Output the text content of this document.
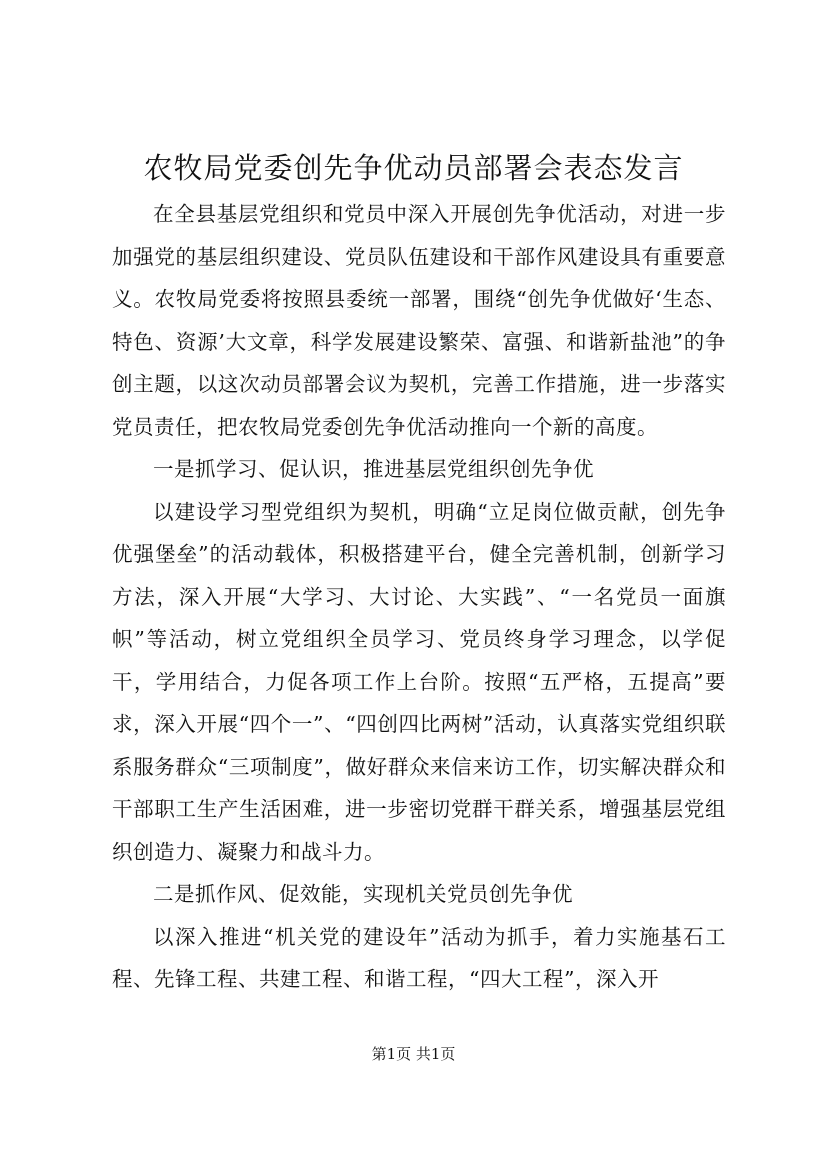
农牧局党委创先争优动员部署会表态发言

在全县基层党组织和党员中深入开展创先争优活动，对进一步加强党的基层组织建设、党员队伍建设和干部作风建设具有重要意义。农牧局党委将按照县委统一部署，围绕“创先争优做好‘生态、特色、资源’大文章，科学发展建设繁荣、富强、和谐新盐池”的争创主题，以这次动员部署会议为契机，完善工作措施，进一步落实党员责任，把农牧局党委创先争优活动推向一个新的高度。

一是抓学习、促认识，推进基层党组织创先争优

以建设学习型党组织为契机，明确“立足岗位做贡献，创先争优强堡垒”的活动载体，积极搭建平台，健全完善机制，创新学习方法，深入开展“大学习、大讨论、大实践”、“一名党员一面旗帜”等活动，树立党组织全员学习、党员终身学习理念，以学促干，学用结合，力促各项工作上台阶。按照“五严格，五提高”要求，深入开展“四个一”、“四创四比两树”活动，认真落实党组织联系服务群众“三项制度”，做好群众来信来访工作，切实解决群众和干部职工生产生活困难，进一步密切党群干群关系，增强基层党组织创造力、凝聚力和战斗力。

二是抓作风、促效能，实现机关党员创先争优

以深入推进“机关党的建设年”活动为抓手，着力实施基石工程、先锋工程、共建工程、和谐工程，“四大工程”，深入开

第1页 共1页
